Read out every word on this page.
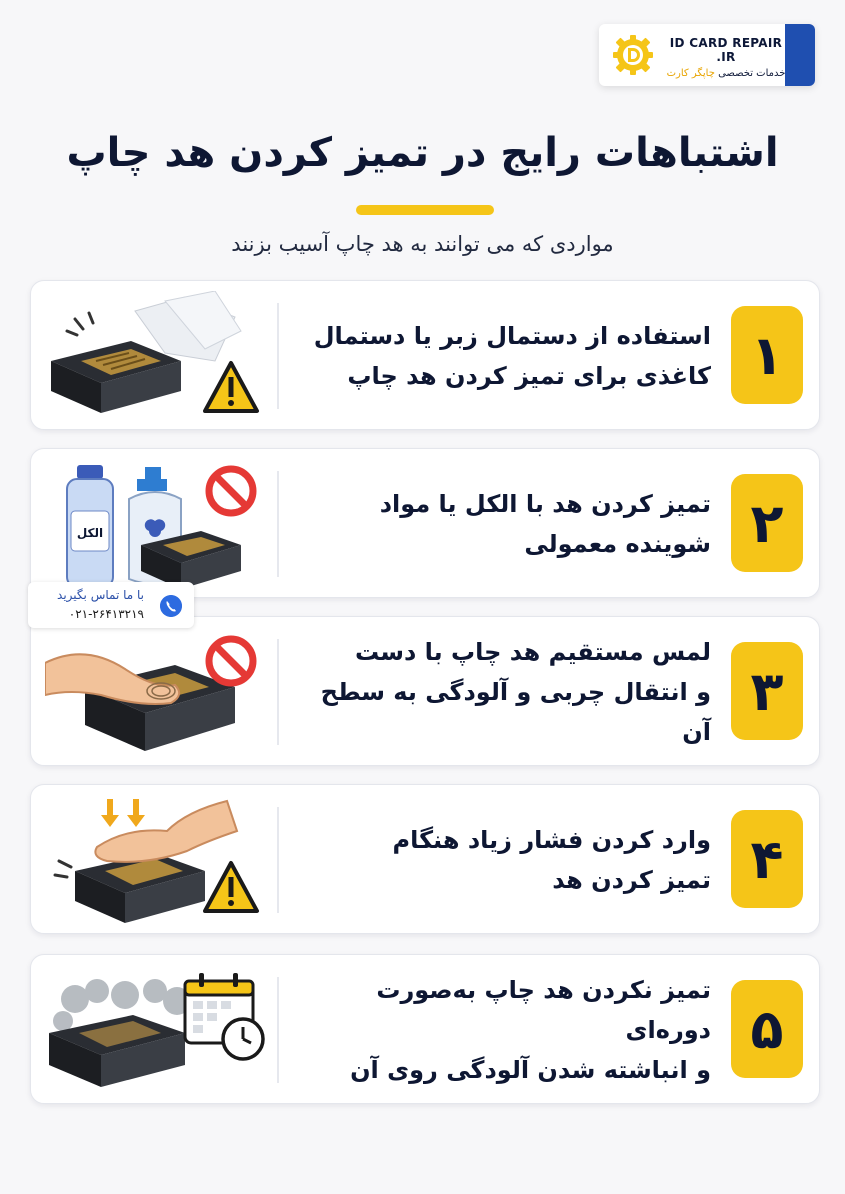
ID CARD REPAIR .IR
خدمات تخصصی چاپگر کارت
اشتباهات رایج در تمیز کردن هد چاپ
مواردی که می توانند به هد چاپ آسیب بزنند
استفاده از دستمال زبر یا دستمال
کاغذی برای تمیز کردن هد چاپ ۱
الکل
تمیز کردن هد با الکل یا مواد
شوینده معمولی ۲
لمس مستقیم هد چاپ با دست
و انتقال چربی و آلودگی به سطح آن
۳
وارد کردن فشار زیاد هنگام
تمیز کردن هد ۴
تمیز نکردن هد چاپ به‌صورت دوره‌ای
و انباشته شدن آلودگی روی آن
۵
با ما تماس بگیرید
۰۲۱-۲۶۴۱۳۲۱۹
